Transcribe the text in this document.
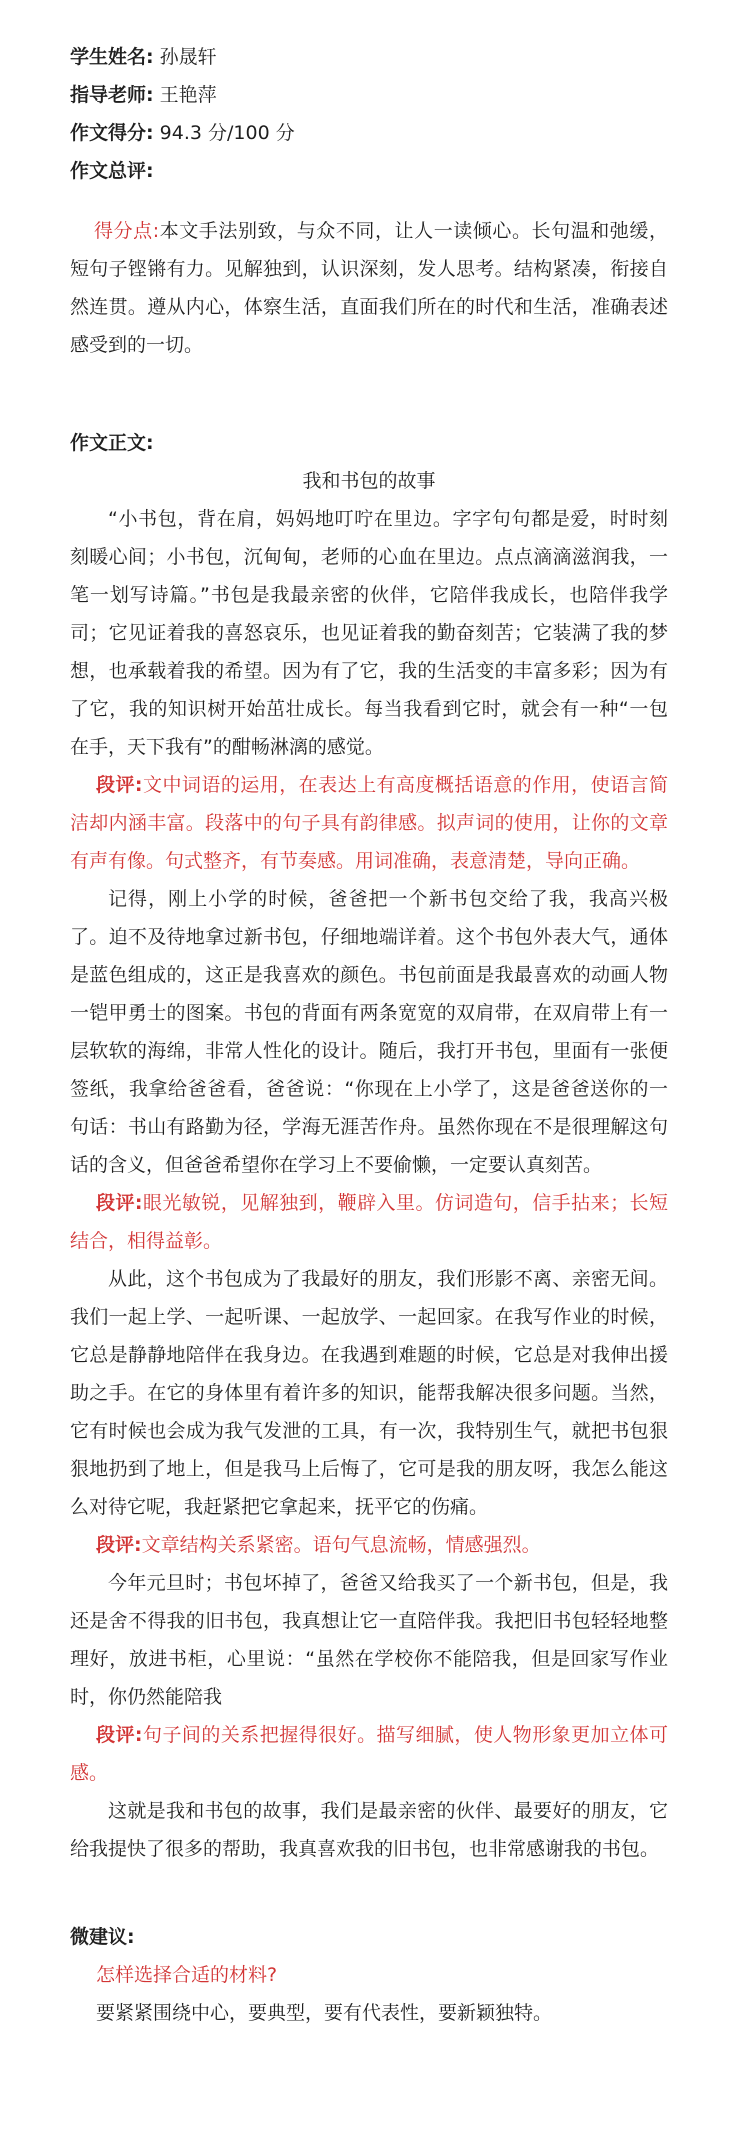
学生姓名: 孙晟轩
指导老师: 王艳萍
作文得分: 94.3 分/100 分
作文总评:
得分点:本文手法别致，与众不同，让人一读倾心。长句温和弛缓，短句子铿锵有力。见解独到，认识深刻，发人思考。结构紧凑，衔接自然连贯。遵从内心，体察生活，直面我们所在的时代和生活，准确表述感受到的一切。
作文正文:
我和书包的故事

“小书包，背在肩，妈妈地叮咛在里边。字字句句都是爱，时时刻刻暖心间；小书包，沉甸甸，老师的心血在里边。点点滴滴滋润我，一笔一划写诗篇。”书包是我最亲密的伙伴，它陪伴我成长，也陪伴我学司；它见证着我的喜怒哀乐，也见证着我的勤奋刻苦；它装满了我的梦想，也承载着我的希望。因为有了它，我的生活变的丰富多彩；因为有了它，我的知识树开始茁壮成长。每当我看到它时，就会有一种“一包在手，天下我有”的酣畅淋漓的感觉。

段评:文中词语的运用，在表达上有高度概括语意的作用，使语言简洁却内涵丰富。段落中的句子具有韵律感。拟声词的使用，让你的文章有声有像。句式整齐，有节奏感。用词准确，表意清楚，导向正确。

记得，刚上小学的时候，爸爸把一个新书包交给了我，我高兴极了。迫不及待地拿过新书包，仔细地端详着。这个书包外表大气，通体是蓝色组成的，这正是我喜欢的颜色。书包前面是我最喜欢的动画人物一铠甲勇士的图案。书包的背面有两条宽宽的双肩带，在双肩带上有一层软软的海绵，非常人性化的设计。随后，我打开书包，里面有一张便签纸，我拿给爸爸看，爸爸说：“你现在上小学了，这是爸爸送你的一句话：书山有路勤为径，学海无涯苦作舟。虽然你现在不是很理解这句话的含义，但爸爸希望你在学习上不要偷懒，一定要认真刻苦。

段评:眼光敏锐，见解独到，鞭辟入里。仿词造句，信手拈来；长短结合，相得益彰。

从此，这个书包成为了我最好的朋友，我们形影不离、亲密无间。我们一起上学、一起听课、一起放学、一起回家。在我写作业的时候，它总是静静地陪伴在我身边。在我遇到难题的时候，它总是对我伸出援助之手。在它的身体里有着许多的知识，能帮我解决很多问题。当然，它有时候也会成为我气发泄的工具，有一次，我特别生气，就把书包狠狠地扔到了地上，但是我马上后悔了，它可是我的朋友呀，我怎么能这么对待它呢，我赶紧把它拿起来，抚平它的伤痛。

段评:文章结构关系紧密。语句气息流畅，情感强烈。

今年元旦时；书包坏掉了，爸爸又给我买了一个新书包，但是，我还是舍不得我的旧书包，我真想让它一直陪伴我。我把旧书包轻轻地整理好，放进书柜，心里说：“虽然在学校你不能陪我，但是回家写作业时，你仍然能陪我

段评:句子间的关系把握得很好。描写细腻，使人物形象更加立体可感。

这就是我和书包的故事，我们是最亲密的伙伴、最要好的朋友，它给我提快了很多的帮助，我真喜欢我的旧书包，也非常感谢我的书包。

微建议:
怎样选择合适的材料?
要紧紧围绕中心，要典型，要有代表性，要新颖独特。
